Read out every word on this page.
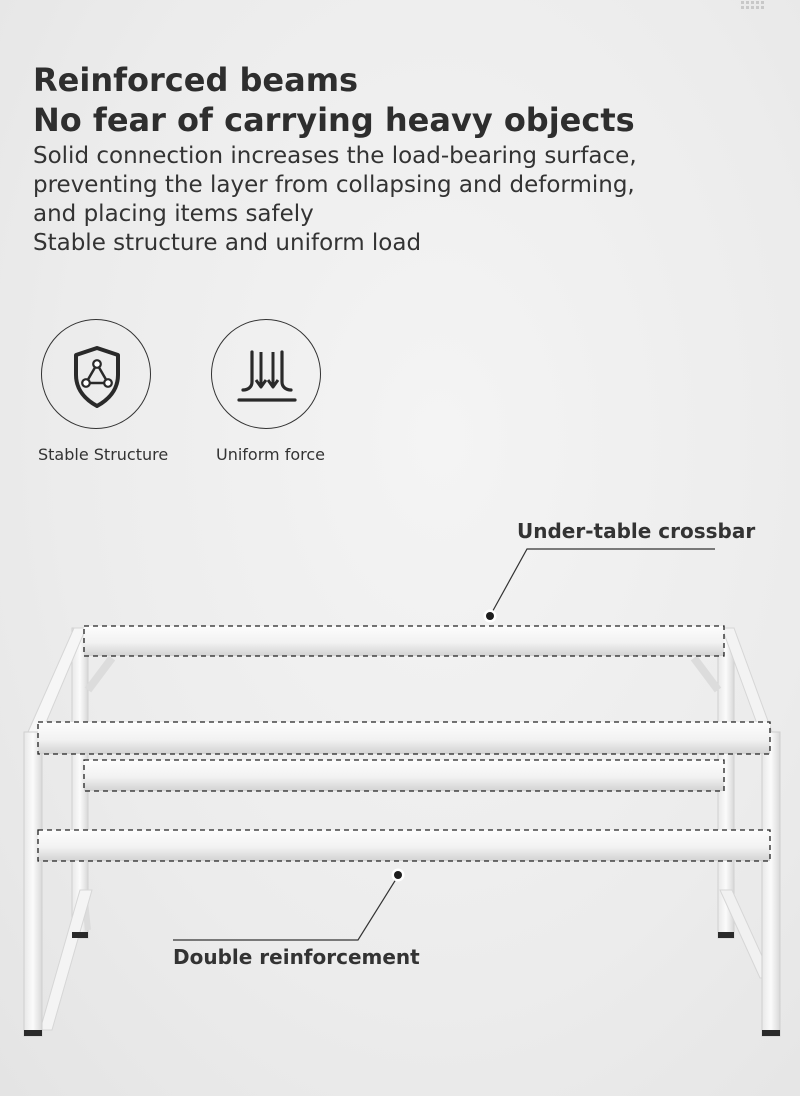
Reinforced beams
No fear of carrying heavy objects
Solid connection increases the load-bearing surface,
preventing the layer from collapsing and deforming,
and placing items safely
Stable structure and uniform load
Stable Structure	Uniform force
Under-table crossbar
Double reinforcement
